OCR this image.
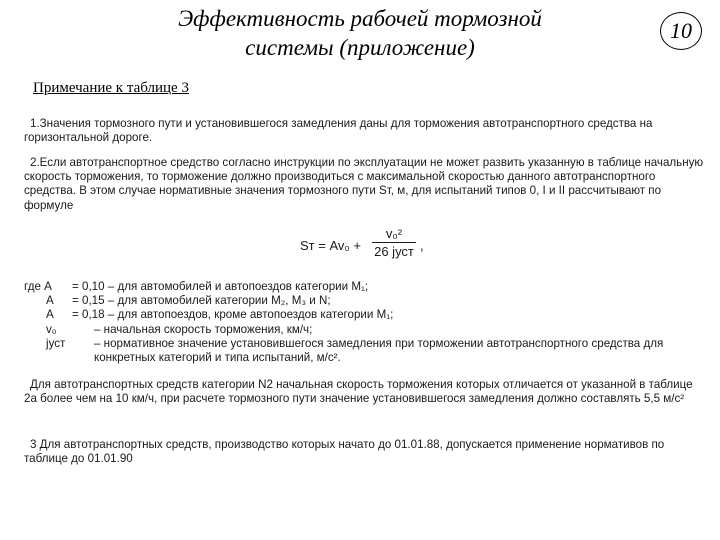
Эффективность рабочей тормозной
системы (приложение)
10
Примечание к таблице 3

1.Значения тормозного пути и установившегося замедления даны для торможения автотранспортного средства на горизонтальной дороге.

2.Если автотранспортное средство согласно инструкции по эксплуатации не может развить указанную в таблице начальную скорость торможения, то торможение должно производиться с максимальной скоростью данного автотранспортного средства. В этом случае нормативные значения тормозного пути Sт, м, для испытаний типов 0, I и II рассчитывают по формуле

Sт = Av₀ +
v₀²
26 jуст ,
где A	= 0,10 – для автомобилей и автопоездов категории M₁;
A	= 0,15 – для автомобилей категории M₂, M₃ и N;
A	= 0,18 – для автопоездов, кроме автопоездов категории M₁;
v₀	– начальная скорость торможения, км/ч;
jуст	– нормативное значение установившегося замедления при торможении автотранспортного средства для конкретных категорий и типа испытаний, м/с².

Для автотранспортных средств категории N2 начальная скорость торможения которых отличается от указанной в таблице 2а более чем на 10 км/ч, при расчете тормозного пути значение установившегося замедления должно составлять 5,5 м/с²

3 Для автотранспортных средств, производство которых начато до 01.01.88, допускается применение нормативов по таблице до 01.01.90
